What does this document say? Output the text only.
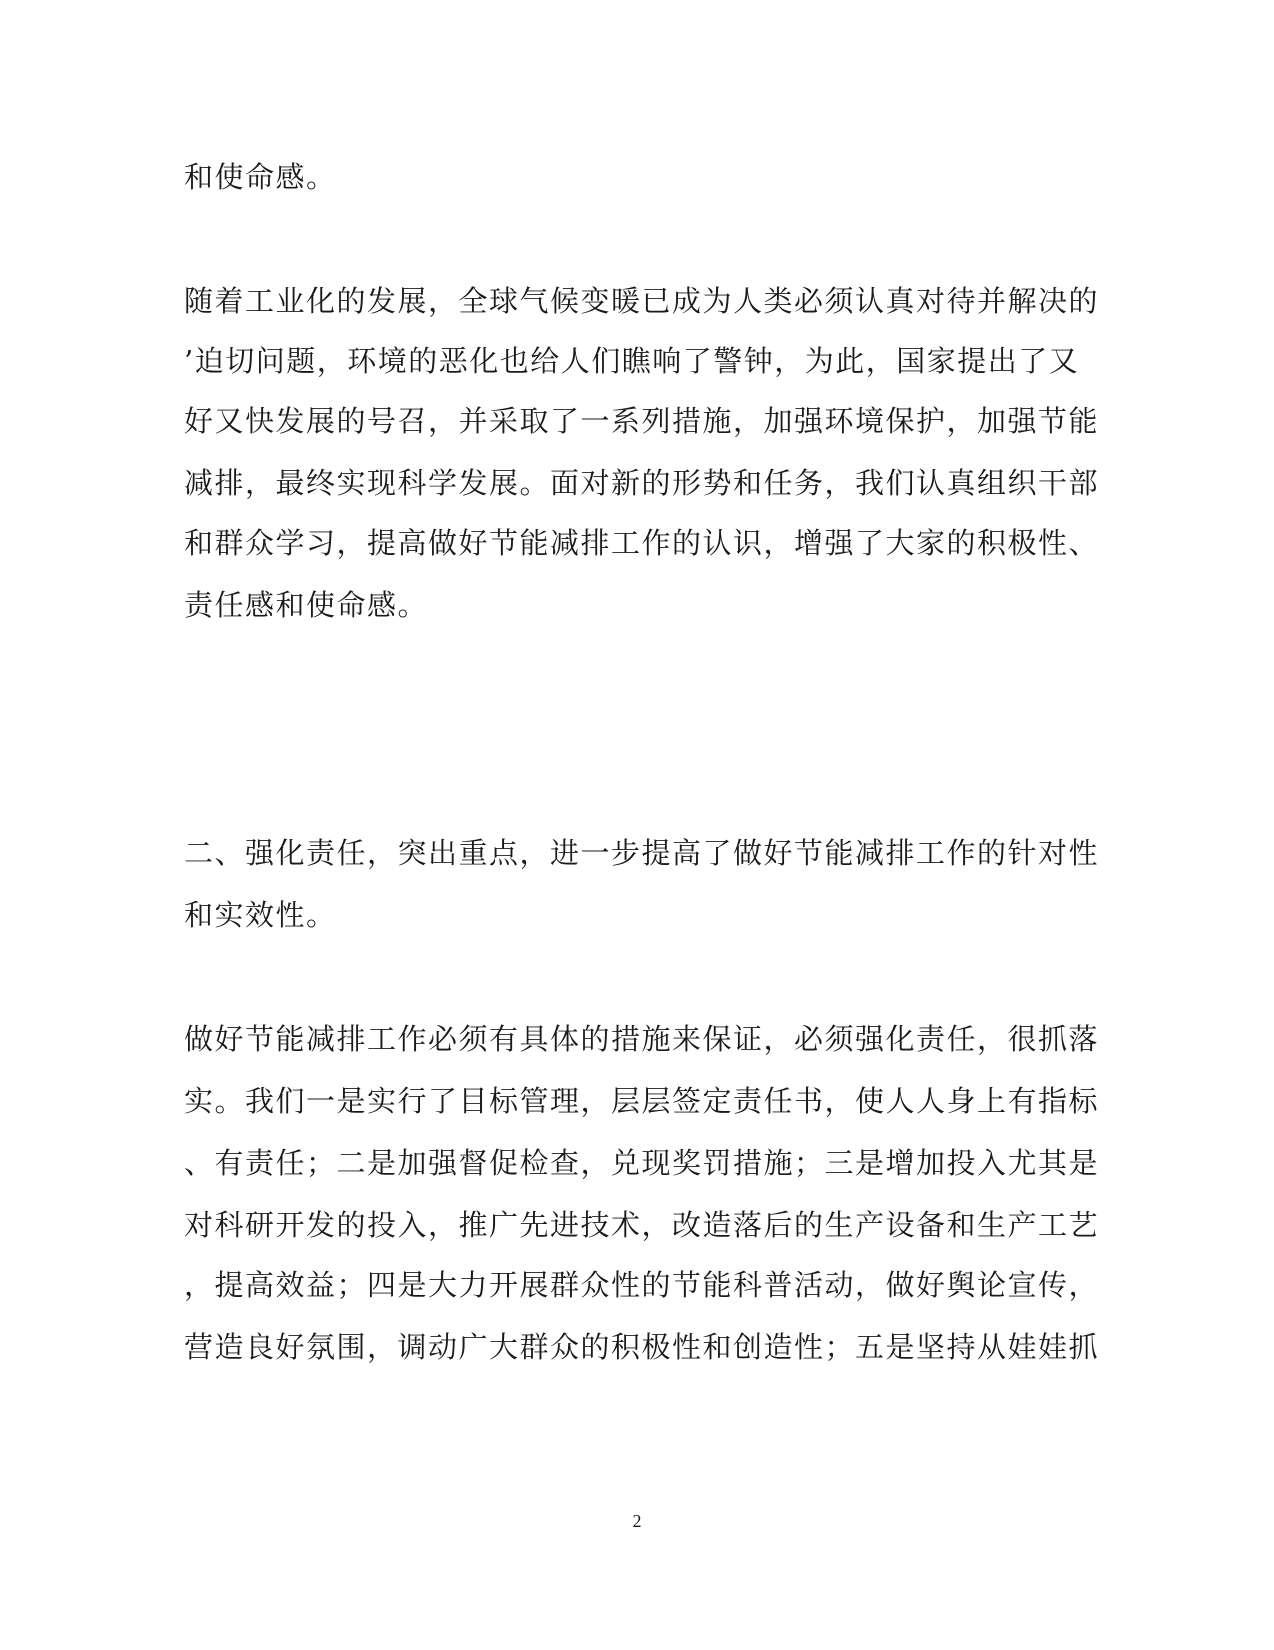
和使命感。
随着工业化的发展，全球气候变暖已成为人类必须认真对待并解决的
’迫切问题，环境的恶化也给人们瞧响了警钟，为此，国家提出了又
好又快发展的号召，并采取了一系列措施，加强环境保护，加强节能
减排，最终实现科学发展。面对新的形势和任务，我们认真组织干部
和群众学习，提高做好节能减排工作的认识，增强了大家的积极性、
责任感和使命感。
二、强化责任，突出重点，进一步提高了做好节能减排工作的针对性
和实效性。
做好节能减排工作必须有具体的措施来保证，必须强化责任，很抓落
实。我们一是实行了目标管理，层层签定责任书，使人人身上有指标
、有责任；二是加强督促检查，兑现奖罚措施；三是增加投入尤其是
对科研开发的投入，推广先进技术，改造落后的生产设备和生产工艺
，提高效益；四是大力开展群众性的节能科普活动，做好舆论宣传，
营造良好氛围，调动广大群众的积极性和创造性；五是坚持从娃娃抓
2
